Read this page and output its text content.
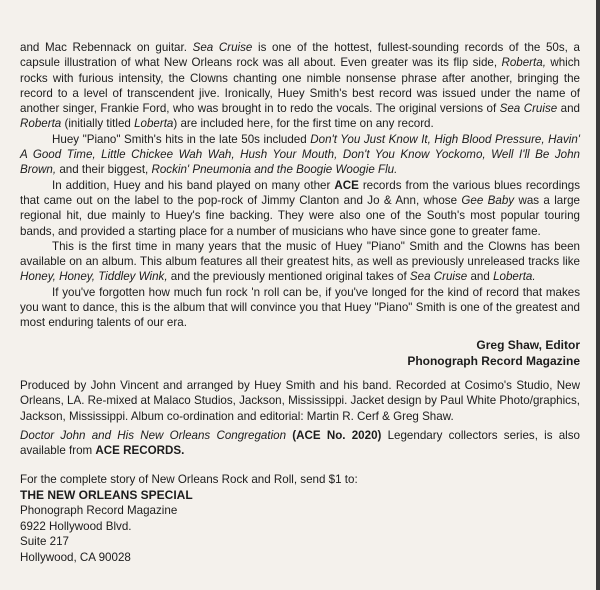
and Mac Rebennack on guitar. Sea Cruise is one of the hottest, fullest-sounding records of the 50s, a capsule illustration of what New Orleans rock was all about. Even greater was its flip side, Roberta, which rocks with furious intensity, the Clowns chanting one nimble nonsense phrase after another, bringing the record to a level of transcendent jive. Ironically, Huey Smith's best record was issued under the name of another singer, Frankie Ford, who was brought in to redo the vocals. The original versions of Sea Cruise and Roberta (initially titled Loberta) are included here, for the first time on any record.

Huey "Piano" Smith's hits in the late 50s included Don't You Just Know It, High Blood Pressure, Havin' A Good Time, Little Chickee Wah Wah, Hush Your Mouth, Don't You Know Yockomo, Well I'll Be John Brown, and their biggest, Rockin' Pneumonia and the Boogie Woogie Flu.

In addition, Huey and his band played on many other ACE records from the various blues recordings that came out on the label to the pop-rock of Jimmy Clanton and Jo & Ann, whose Gee Baby was a large regional hit, due mainly to Huey's fine backing. They were also one of the South's most popular touring bands, and provided a starting place for a number of musicians who have since gone to greater fame.

This is the first time in many years that the music of Huey "Piano" Smith and the Clowns has been available on an album. This album features all their greatest hits, as well as previously unreleased tracks like Honey, Honey, Tiddley Wink, and the previously mentioned original takes of Sea Cruise and Loberta.

If you've forgotten how much fun rock 'n roll can be, if you've longed for the kind of record that makes you want to dance, this is the album that will convince you that Huey "Piano" Smith is one of the greatest and most enduring talents of our era.

Greg Shaw, Editor

Phonograph Record Magazine

Produced by John Vincent and arranged by Huey Smith and his band. Recorded at Cosimo's Studio, New Orleans, LA. Re-mixed at Malaco Studios, Jackson, Mississippi. Jacket design by Paul White Photo/graphics, Jackson, Mississippi. Album co-ordination and editorial: Martin R. Cerf & Greg Shaw.

Doctor John and His New Orleans Congregation (ACE No. 2020) Legendary collectors series, is also available from ACE RECORDS.

For the complete story of New Orleans Rock and Roll, send $1 to:
THE NEW ORLEANS SPECIAL
Phonograph Record Magazine
6922 Hollywood Blvd.
Suite 217
Hollywood, CA 90028
